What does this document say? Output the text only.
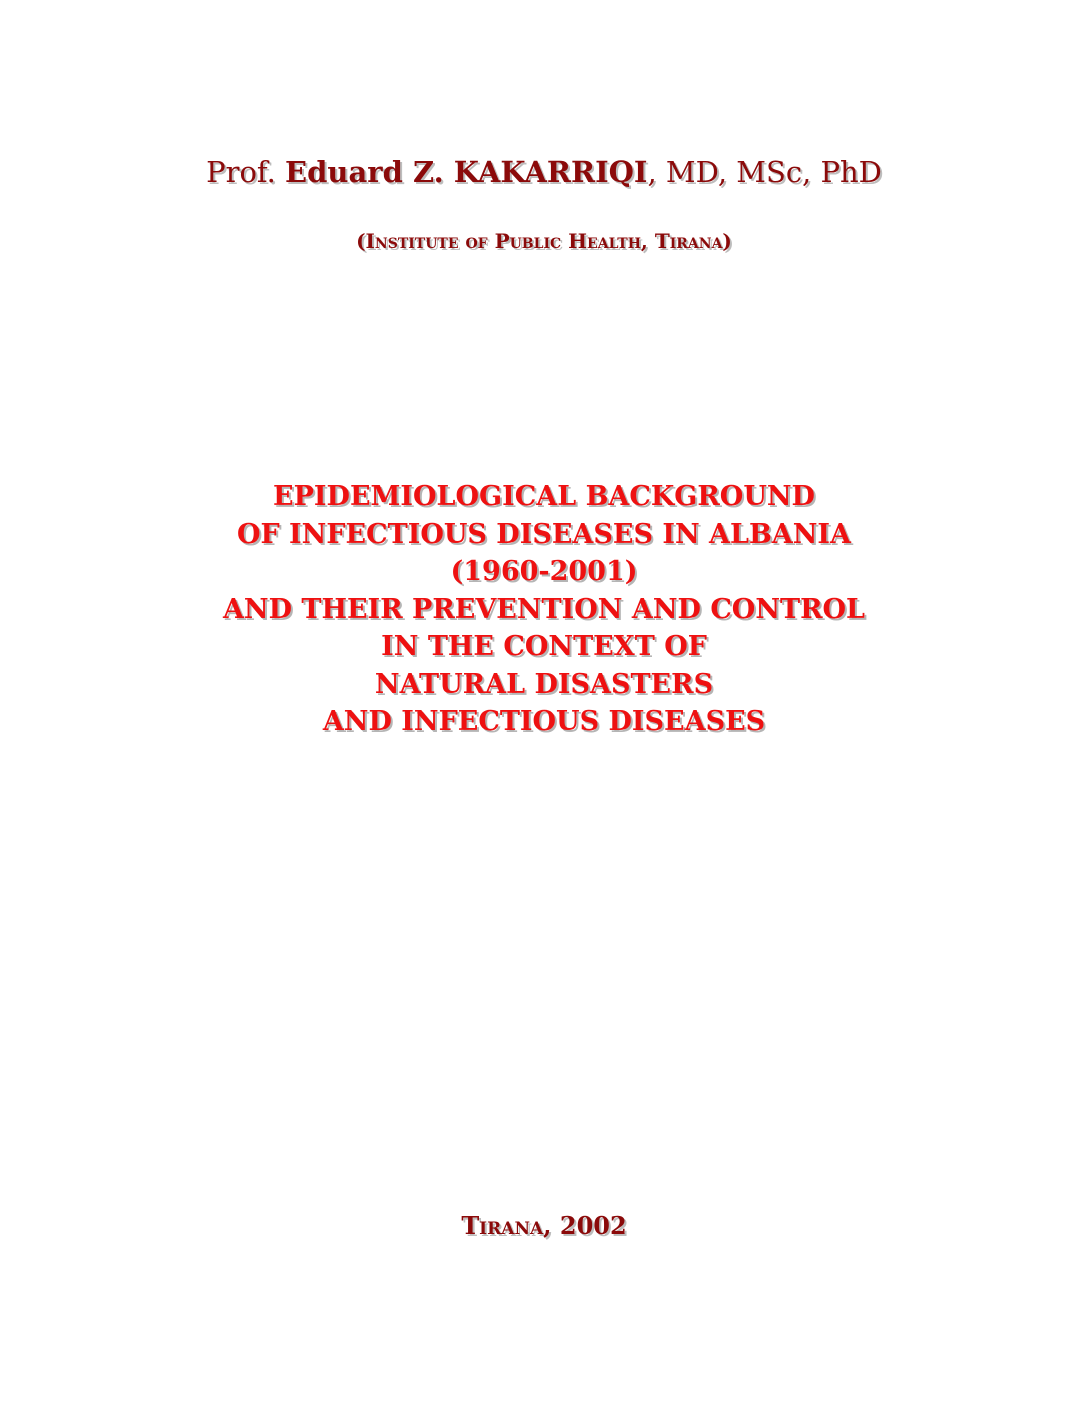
Prof. Eduard Z. KAKARRIQI, MD, MSc, PhD
(Institute of Public Health, Tirana)
EPIDEMIOLOGICAL BACKGROUND
OF INFECTIOUS DISEASES IN ALBANIA
(1960-2001)
AND THEIR PREVENTION AND CONTROL
IN THE CONTEXT OF
NATURAL DISASTERS
AND INFECTIOUS DISEASES
Tirana, 2002
